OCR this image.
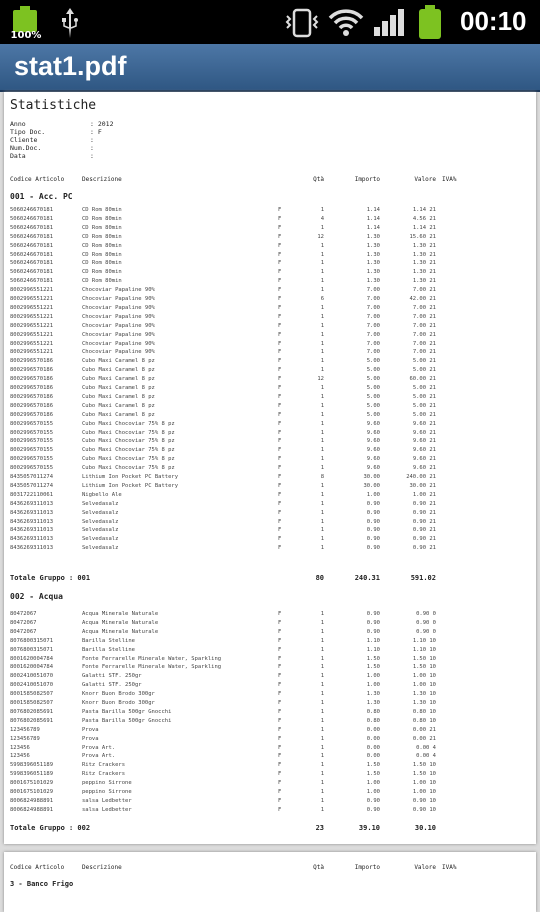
100%	00:10
stat1.pdf
Statistiche
Anno	: 2012
Tipo Doc.	: F
Cliente	:
Num.Doc.	:
Data	:
Codice Articolo	Descrizione	Qtà	Importo	Valore IVA%
001 - Acc. PC
5060246670181	CD Rom 80min	F	1	1.14	1.14 21
5060246670181	CD Rom 80min	F	4	1.14	4.56 21
5060246670181	CD Rom 80min	F	1	1.14	1.14 21
5060246670181	CD Rom 80min	F	12	1.30	15.60 21
5060246670181	CD Rom 80min	F	1	1.30	1.30 21
5060246670181	CD Rom 80min	F	1	1.30	1.30 21
5060246670181	CD Rom 80min	F	1	1.30	1.30 21
5060246670181	CD Rom 80min	F	1	1.30	1.30 21
5060246670181	CD Rom 80min	F	1	1.30	1.30 21
8002996551221	Chocoviar Papaline 90%	F	1	7.00	7.00 21
8002996551221	Chocoviar Papaline 90%	F	6	7.00	42.00 21
8002996551221	Chocoviar Papaline 90%	F	1	7.00	7.00 21
8002996551221	Chocoviar Papaline 90%	F	1	7.00	7.00 21
8002996551221	Chocoviar Papaline 90%	F	1	7.00	7.00 21
8002996551221	Chocoviar Papaline 90%	F	1	7.00	7.00 21
8002996551221	Chocoviar Papaline 90%	F	1	7.00	7.00 21
8002996551221	Chocoviar Papaline 90%	F	1	7.00	7.00 21
8002996570186	Cubo Maxi Caramel 8 pz	F	1	5.00	5.00 21
8002996570186	Cubo Maxi Caramel 8 pz	F	1	5.00	5.00 21
8002996570186	Cubo Maxi Caramel 8 pz	F	12	5.00	60.00 21
8002996570186	Cubo Maxi Caramel 8 pz	F	1	5.00	5.00 21
8002996570186	Cubo Maxi Caramel 8 pz	F	1	5.00	5.00 21
8002996570186	Cubo Maxi Caramel 8 pz	F	1	5.00	5.00 21
8002996570186	Cubo Maxi Caramel 8 pz	F	1	5.00	5.00 21
8002996570155	Cubo Maxi Chocoviar 75% 8 pz	F	1	9.60	9.60 21
8002996570155	Cubo Maxi Chocoviar 75% 8 pz	F	1	9.60	9.60 21
8002996570155	Cubo Maxi Chocoviar 75% 8 pz	F	1	9.60	9.60 21
8002996570155	Cubo Maxi Chocoviar 75% 8 pz	F	1	9.60	9.60 21
8002996570155	Cubo Maxi Chocoviar 75% 8 pz	F	1	9.60	9.60 21
8002996570155	Cubo Maxi Chocoviar 75% 8 pz	F	1	9.60	9.60 21
8435057011274	Lithium Ion Pocket PC Battery	F	8	30.00	240.00 21
8435057011274	Lithium Ion Pocket PC Battery	F	1	30.00	30.00 21
8031722110061	Nigbello Ale	F	1	1.00	1.00 21
8436269311013	Selvedasalz	F	1	0.90	0.90 21
8436269311013	Selvedasalz	F	1	0.90	0.90 21
8436269311013	Selvedasalz	F	1	0.90	0.90 21
8436269311013	Selvedasalz	F	1	0.90	0.90 21
8436269311013	Selvedasalz	F	1	0.90	0.90 21
8436269311013	Selvedasalz	F	1	0.90	0.90 21
Totale Gruppo : 001	80	240.31	591.02
002 - Acqua
80472067	Acqua Minerale Naturale	F	1	0.90	0.90 0
80472067	Acqua Minerale Naturale	F	1	0.90	0.90 0
80472067	Acqua Minerale Naturale	F	1	0.90	0.90 0
8076800315071	Barilla Stelline	F	1	1.10	1.10 10
8076800315071	Barilla Stelline	F	1	1.10	1.10 10
8001620004784	Fonte Ferrarelle Minerale Water, Sparkling	F	1	1.50	1.50 10
8001620004784	Fonte Ferrarelle Minerale Water, Sparkling	F	1	1.50	1.50 10
8002410051070	Galatti STF. 250gr	F	1	1.00	1.00 10
8002410051070	Galatti STF. 250gr	F	1	1.00	1.00 10
8001585082507	Knorr Buon Brodo 300gr	F	1	1.30	1.30 10
8001585082507	Knorr Buon Brodo 300gr	F	1	1.30	1.30 10
8076802085691	Pasta Barilla 500gr Gnocchi	F	1	0.80	0.80 10
8076802085691	Pasta Barilla 500gr Gnocchi	F	1	0.80	0.80 10
123456789	Prova	F	1	0.00	0.00 21
123456789	Prova	F	1	0.00	0.00 21
123456	Prova Art.	F	1	0.00	0.00 4
123456	Prova Art.	F	1	0.00	0.00 4
5998396051189	Ritz Crackers	F	1	1.50	1.50 10
5998396051189	Ritz Crackers	F	1	1.50	1.50 10
8001675101029	peppino Sirrone	F	1	1.00	1.00 10
8001675101029	peppino Sirrone	F	1	1.00	1.00 10
8006824988891	salsa Ledbetter	F	1	0.90	0.90 10
8006824988891	salsa Ledbetter	F	1	0.90	0.90 10
Totale Gruppo : 002	23	39.10	30.10
Codice Articolo	Descrizione	Qtà	Importo	Valore IVA%
3 - Banco Frigo
